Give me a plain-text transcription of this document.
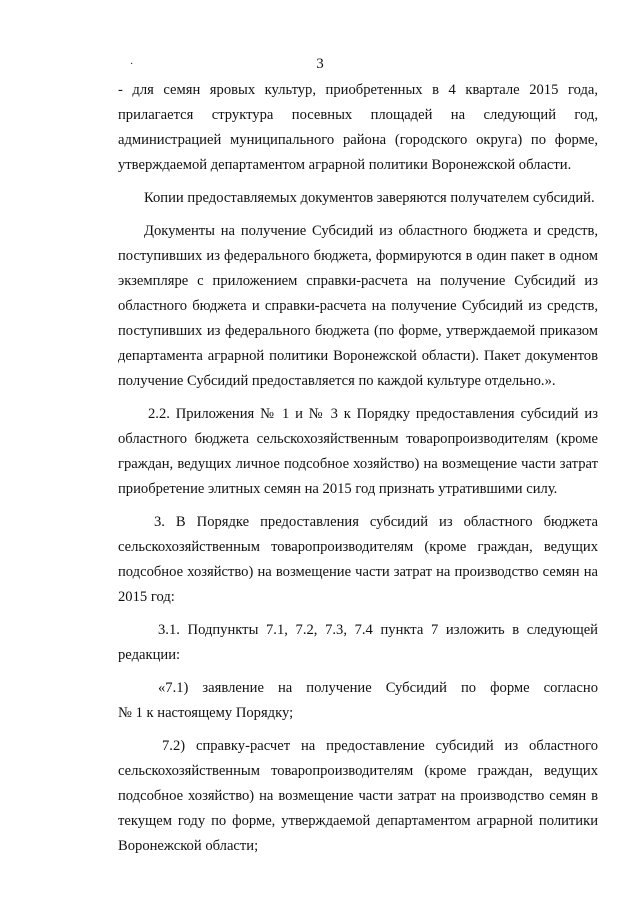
3
·
- для семян яровых культур, приобретенных в 4 квартале 2015 года,
прилагается структура посевных площадей на следующий год,
администрацией муниципального района (городского округа) по форме,
утверждаемой департаментом аграрной политики Воронежской области.
Копии предоставляемых документов заверяются получателем субсидий.
Документы на получение Субсидий из областного бюджета и средств,
поступивших из федерального бюджета, формируются в один пакет в одном
экземпляре с приложением справки-расчета на получение Субсидий из
областного бюджета и справки-расчета на получение Субсидий из средств,
поступивших из федерального бюджета (по форме, утверждаемой приказом
департамента аграрной политики Воронежской области). Пакет документов
получение Субсидий предоставляется по каждой культуре отдельно.».
2.2. Приложения № 1 и № 3 к Порядку предоставления субсидий из
областного бюджета сельскохозяйственным товаропроизводителям (кроме
граждан, ведущих личное подсобное хозяйство) на возмещение части затрат
приобретение элитных семян на 2015 год признать утратившими силу.
3. В Порядке предоставления субсидий из областного бюджета
сельскохозяйственным товаропроизводителям (кроме граждан, ведущих
подсобное хозяйство) на возмещение части затрат на производство семян на
2015 год:
3.1. Подпункты 7.1, 7.2, 7.3, 7.4 пункта 7 изложить в следующей
редакции:
«7.1) заявление на получение Субсидий по форме согласно
№ 1 к настоящему Порядку;
7.2) справку-расчет на предоставление субсидий из областного
сельскохозяйственным товаропроизводителям (кроме граждан, ведущих
подсобное хозяйство) на возмещение части затрат на производство семян в
текущем году по форме, утверждаемой департаментом аграрной политики
Воронежской области;
